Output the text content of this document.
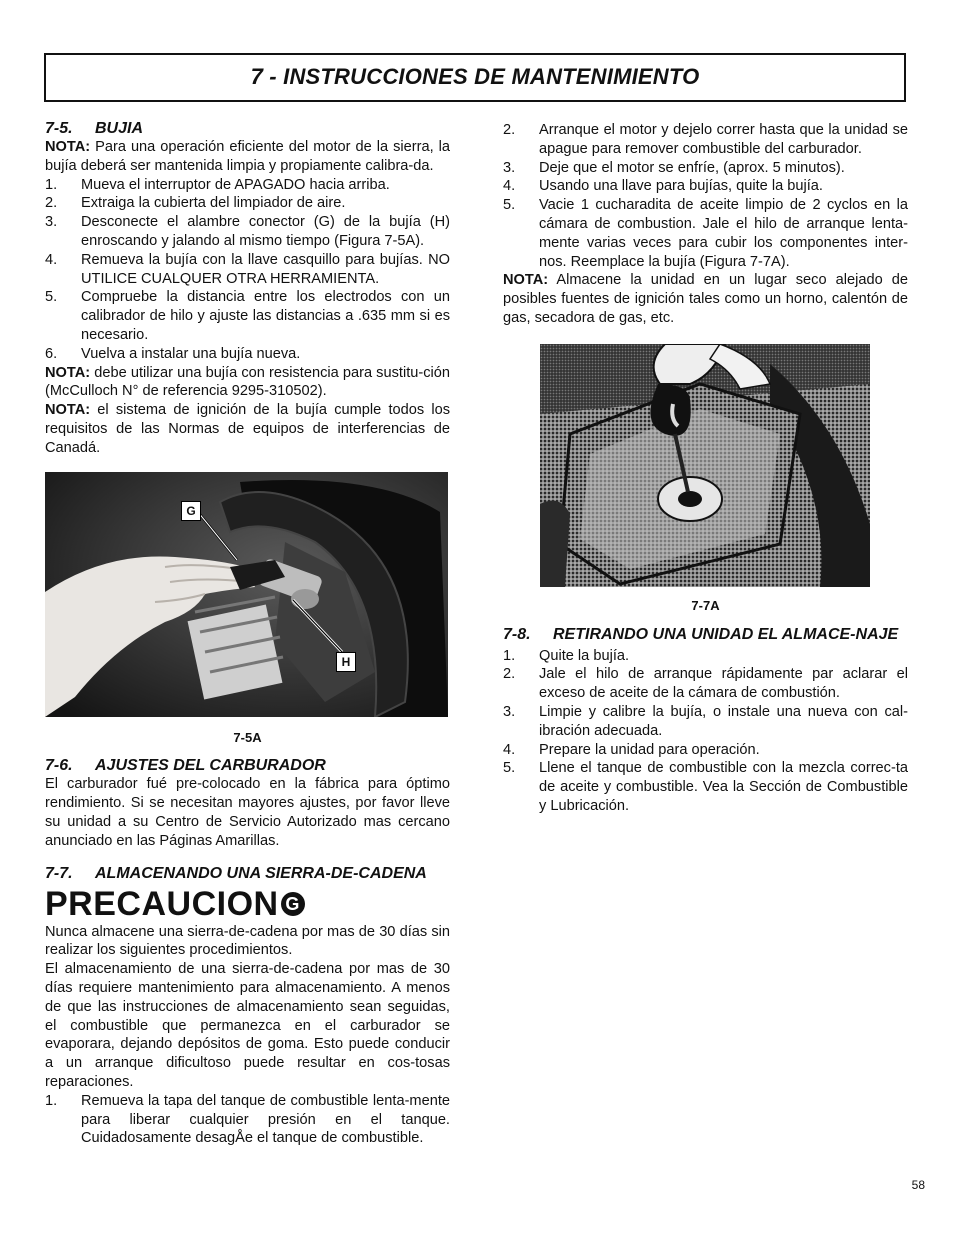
7 - INSTRUCCIONES DE MANTENIMIENTO
7-5.	BUJIA

NOTA: Para una operación eficiente del motor de la sierra, la bujía deberá ser mantenida limpia y propiamente calibra-da.

1.	Mueva el interruptor de APAGADO hacia arriba.
2.	Extraiga la cubierta del limpiador de aire.
3.	Desconecte el alambre conector (G) de la bujía (H) enroscando y jalando al mismo tiempo (Figura 7-5A).
4.	Remueva la bujía con la llave casquillo para bujías. NO UTILICE CUALQUER OTRA HERRAMIENTA.
5.	Compruebe la distancia entre los electrodos con un calibrador de hilo y ajuste las distancias a .635 mm si es necesario.
6.	Vuelva a instalar una bujía nueva.

NOTA: debe utilizar una bujía con resistencia para sustitu-ción (McCulloch N° de referencia 9295-310502).

NOTA: el sistema de ignición de la bujía cumple todos los requisitos de las Normas de equipos de interferencias de Canadá.

G
H
7-5A
7-6.	AJUSTES DEL CARBURADOR

El carburador fué pre-colocado en la fábrica para óptimo rendimiento. Si se necesitan mayores ajustes, por favor lleve su unidad a su Centro de Servicio Autorizado mas cercano anunciado en las Páginas Amarillas.

7-7.	ALMACENANDO UNA SIERRA-DE-CADENA
PRECAUCION G

Nunca almacene una sierra-de-cadena por mas de 30 días sin realizar los siguientes procedimientos.

El almacenamiento de una sierra-de-cadena por mas de 30 días requiere mantenimiento para almacenamiento. A menos de que las instrucciones de almacenamiento sean seguidas, el combustible que permanezca en el carburador se evaporara, dejando depósitos de goma. Esto puede conducir a un arranque dificultoso puede resultar en cos-tosas reparaciones.

1.	Remueva la tapa del tanque de combustible lenta-mente para liberar cualquier presión en el tanque. Cuidadosamente desagÅe el tanque de combustible.
2.	Arranque el motor y dejelo correr hasta que la unidad se apague para remover combustible del carburador.
3.	Deje que el motor se enfríe, (aprox. 5 minutos).
4.	Usando una llave para bujías, quite la bujía.
5.	Vacie 1 cucharadita de aceite limpio de 2 cyclos en la cámara de combustion. Jale el hilo de arranque lenta-mente varias veces para cubir los componentes inter-nos. Reemplace la bujía (Figura 7-7A).

NOTA: Almacene la unidad en un lugar seco alejado de posibles fuentes de ignición tales como un horno, calentón de gas, secadora de gas, etc.

7-7A
7-8.	RETIRANDO UNA UNIDAD EL ALMACE-NAJE
1.	Quite la bujía.
2.	Jale el hilo de arranque rápidamente par aclarar el exceso de aceite de la cámara de combustión.
3.	Limpie y calibre la bujía, o instale una nueva con cal-ibración adecuada.
4.	Prepare la unidad para operación.
5.	Llene el tanque de combustible con la mezcla correc-ta de aceite y combustible. Vea la Sección de Combustible y Lubricación.
58
